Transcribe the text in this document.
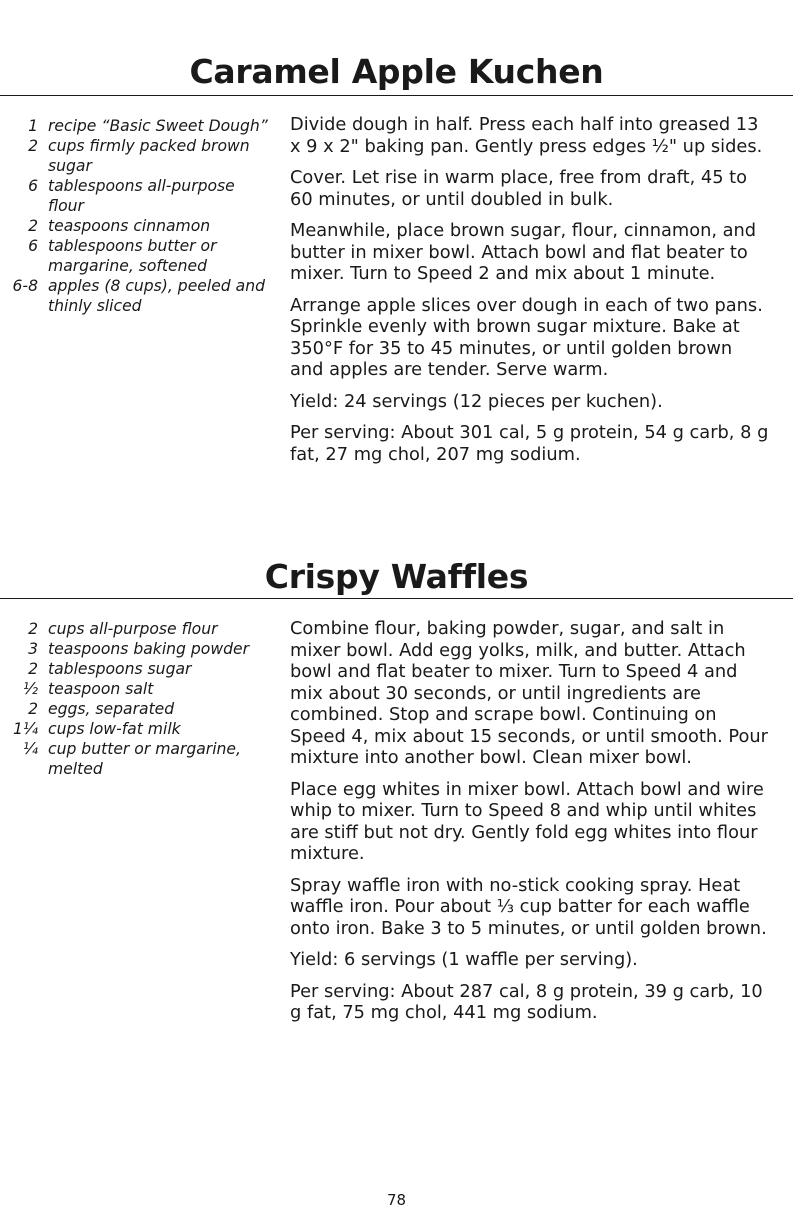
Caramel Apple Kuchen
1 recipe “Basic Sweet Dough”
2 cups firmly packed brown sugar
6 tablespoons all-purpose flour
2 teaspoons cinnamon
6 tablespoons butter or margarine, softened
6-8 apples (8 cups), peeled and thinly sliced

Divide dough in half. Press each half into greased 13 x 9 x 2" baking pan. Gently press edges ½" up sides.

Cover. Let rise in warm place, free from draft, 45 to 60 minutes, or until doubled in bulk.

Meanwhile, place brown sugar, flour, cinnamon, and butter in mixer bowl. Attach bowl and flat beater to mixer. Turn to Speed 2 and mix about 1 minute.

Arrange apple slices over dough in each of two pans. Sprinkle evenly with brown sugar mixture. Bake at 350°F for 35 to 45 minutes, or until golden brown and apples are tender. Serve warm.

Yield: 24 servings (12 pieces per kuchen).

Per serving: About 301 cal, 5 g protein, 54 g carb, 8 g fat, 27 mg chol, 207 mg sodium.

Crispy Waffles
2 cups all-purpose flour
3 teaspoons baking powder
2 tablespoons sugar
½ teaspoon salt
2 eggs, separated
1¼ cups low-fat milk
¼ cup butter or margarine, melted

Combine flour, baking powder, sugar, and salt in mixer bowl. Add egg yolks, milk, and butter. Attach bowl and flat beater to mixer. Turn to Speed 4 and mix about 30 seconds, or until ingredients are combined. Stop and scrape bowl. Continuing on Speed 4, mix about 15 seconds, or until smooth. Pour mixture into another bowl. Clean mixer bowl.

Place egg whites in mixer bowl. Attach bowl and wire whip to mixer. Turn to Speed 8 and whip until whites are stiff but not dry. Gently fold egg whites into flour mixture.

Spray waffle iron with no-stick cooking spray. Heat waffle iron. Pour about ⅓ cup batter for each waffle onto iron. Bake 3 to 5 minutes, or until golden brown.

Yield: 6 servings (1 waffle per serving).

Per serving: About 287 cal, 8 g protein, 39 g carb, 10 g fat, 75 mg chol, 441 mg sodium.

78
